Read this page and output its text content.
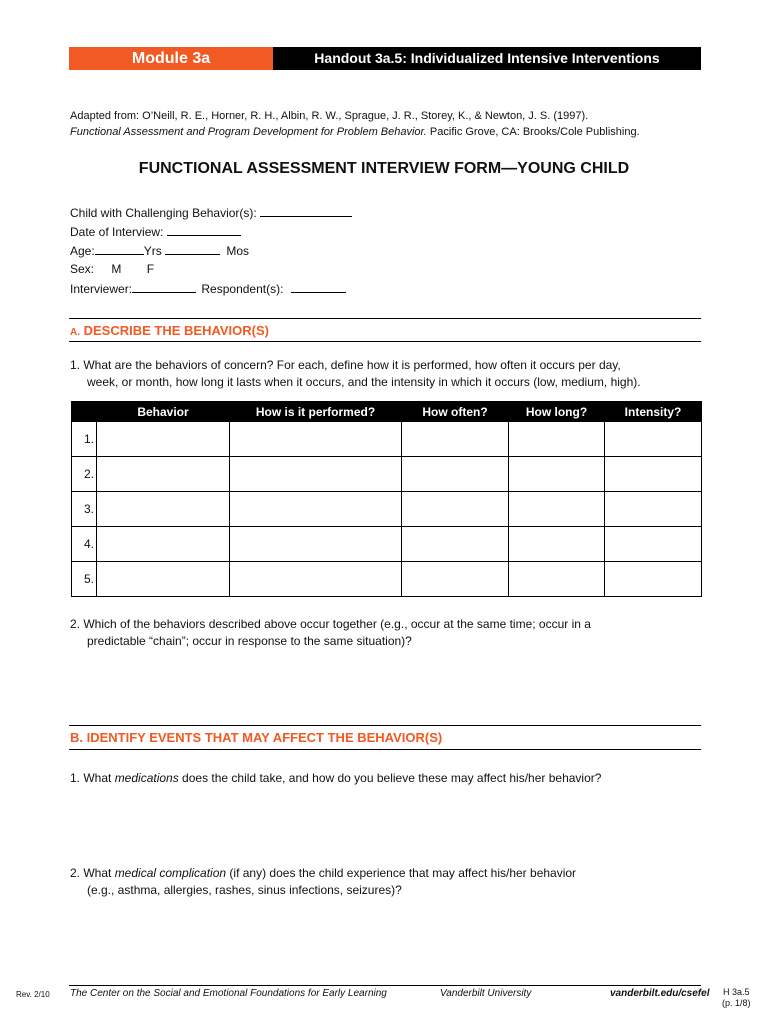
Module 3a	Handout 3a.5: Individualized Intensive Interventions
Adapted from: O’Neill, R. E., Horner, R. H., Albin, R. W., Sprague, J. R., Storey, K., & Newton, J. S. (1997).
Functional Assessment and Program Development for Problem Behavior. Pacific Grove, CA: Brooks/Cole Publishing.
FUNCTIONAL ASSESSMENT INTERVIEW FORM—YOUNG CHILD
Child with Challenging Behavior(s):
Date of Interview:
Age:	Yrs	Mos
Sex: M F
Interviewer:	Respondent(s):
A. DESCRIBE THE BEHAVIOR(S)
1. What are the behaviors of concern? For each, define how it is performed, how often it occurs per day,
week, or month, how long it lasts when it occurs, and the intensity in which it occurs (low, medium, high).
	Behavior	How is it performed?	How often?	How long?	Intensity?
1.					
2.					
3.					
4.					
5.					
2. Which of the behaviors described above occur together (e.g., occur at the same time; occur in a
predictable “chain”; occur in response to the same situation)?
B. IDENTIFY EVENTS THAT MAY AFFECT THE BEHAVIOR(S)
1. What medications does the child take, and how do you believe these may affect his/her behavior?
2. What medical complication (if any) does the child experience that may affect his/her behavior
(e.g., asthma, allergies, rashes, sinus infections, seizures)?
Rev. 2/10 The Center on the Social and Emotional Foundations for Early Learning	Vanderbilt University	vanderbilt.edu/csefel H 3a.5
(p. 1/8)
